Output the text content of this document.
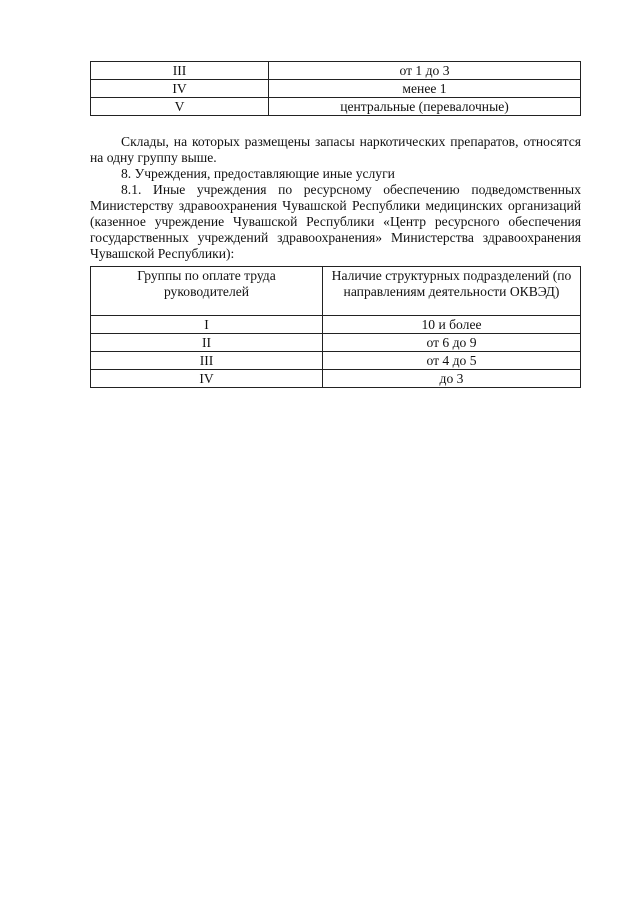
III	от 1 до 3
IV	менее 1
V	центральные (перевалочные)

Склады, на которых размещены запасы наркотических препаратов, относятся на одну группу выше.

8. Учреждения, предоставляющие иные услуги

8.1. Иные учреждения по ресурсному обеспечению подведомственных Министерству здравоохранения Чувашской Республики медицинских организаций (казенное учреждение Чувашской Республики «Центр ресурсного обеспечения государственных учреждений здравоохранения» Министерства здравоохранения Чувашской Республики):

Группы по оплате труда руководителей	Наличие структурных подразделений (по направлениям деятельности ОКВЭД)
I	10 и более
II	от 6 до 9
III	от 4 до 5
IV	до 3
